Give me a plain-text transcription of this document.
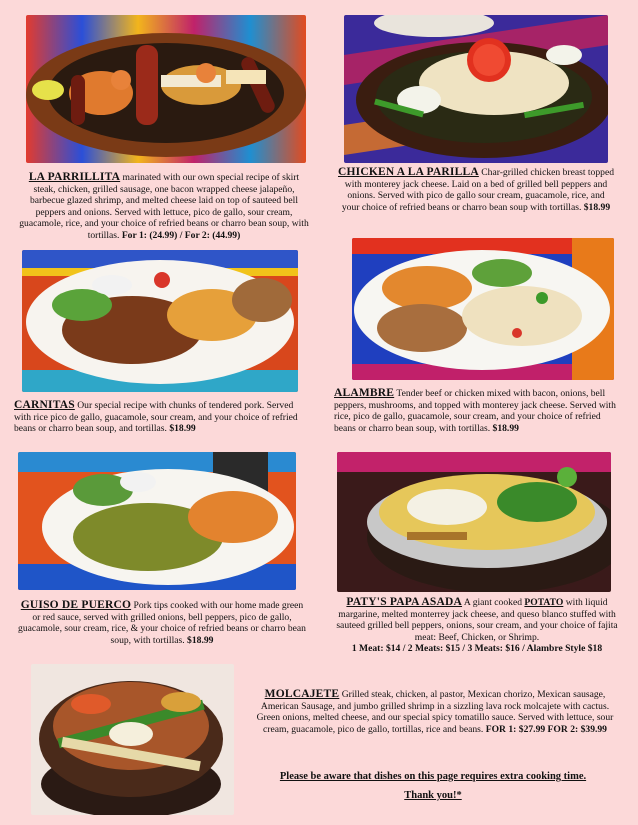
LA PARRILLITA marinated with our own special recipe of skirt steak, chicken, grilled sausage, one bacon wrapped cheese jalapeño, barbecue glazed shrimp, and melted cheese laid on top of sauteed bell peppers and onions. Served with lettuce, pico de gallo, sour cream, guacamole, rice, and your choice of refried beans or charro bean soup, with tortillas. For 1: (24.99) / For 2: (44.99)
CHICKEN A LA PARILLA Char-grilled chicken breast topped with monterey jack cheese. Laid on a bed of grilled bell peppers and onions. Served with pico de gallo sour cream, guacamole, rice, and your choice of refried beans or charro bean soup with tortillas. $18.99
CARNITAS Our special recipe with chunks of tendered pork. Served with rice pico de gallo, guacamole, sour cream, and your choice of refried beans or charro bean soup, and tortillas. $18.99
ALAMBRE Tender beef or chicken mixed with bacon, onions, bell peppers, mushrooms, and topped with monterey jack cheese. Served with rice, pico de gallo, guacamole, sour cream, and your choice of refried beans or charro bean soup, with tortillas. $18.99
GUISO DE PUERCO Pork tips cooked with our home made green or red sauce, served with grilled onions, bell peppers, pico de gallo, guacamole, sour cream, rice, & your choice of refried beans or charro bean soup, with tortillas. $18.99
PATY'S PAPA ASADA A giant cooked POTATO with liquid margarine, melted monterrey jack cheese, and queso blanco stuffed with sauteed grilled bell peppers, onions, sour cream, and your choice of fajita meat: Beef, Chicken, or Shrimp.
1 Meat: $14 / 2 Meats: $15 / 3 Meats: $16 / Alambre Style $18
MOLCAJETE Grilled steak, chicken, al pastor, Mexican chorizo, Mexican sausage, American Sausage, and jumbo grilled shrimp in a sizzling lava rock molcajete with cactus. Green onions, melted cheese, and our special spicy tomatillo sauce. Served with lettuce, sour cream, guacamole, pico de gallo, tortillas, rice and beans. FOR 1: $27.99 FOR 2: $39.99
Please be aware that dishes on this page requires extra cooking time.
Thank you!*
